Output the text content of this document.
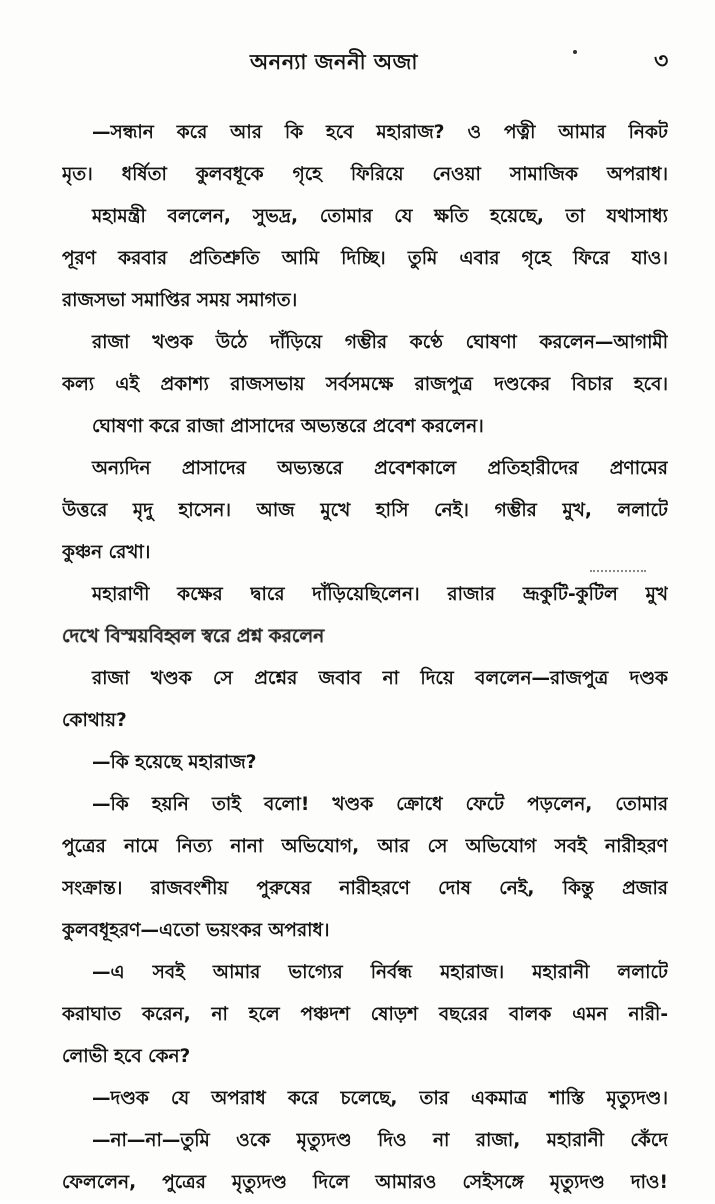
অনন্যা জননী অজা	৩
—সন্ধান করে আর কি হবে মহারাজ? ও পত্নী আমার নিকট
মৃত। ধর্ষিতা কুলবধূকে গৃহে ফিরিয়ে নেওয়া সামাজিক অপরাধ।
মহামন্ত্রী বললেন, সুভদ্র, তোমার যে ক্ষতি হয়েছে, তা যথাসাধ্য
পূরণ করবার প্রতিশ্রুতি আমি দিচ্ছি। তুমি এবার গৃহে ফিরে যাও।
রাজসভা সমাপ্তির সময় সমাগত।
রাজা খণ্ডক উঠে দাঁড়িয়ে গম্ভীর কণ্ঠে ঘোষণা করলেন—আগামী
কল্য এই প্রকাশ্য রাজসভায় সর্বসমক্ষে রাজপুত্র দণ্ডকের বিচার হবে।
ঘোষণা করে রাজা প্রাসাদের অভ্যন্তরে প্রবেশ করলেন।
অন্যদিন প্রাসাদের অভ্যন্তরে প্রবেশকালে প্রতিহারীদের প্রণামের
উত্তরে মৃদু হাসেন। আজ মুখে হাসি নেই। গম্ভীর মুখ, ললাটে
কুঞ্চন রেখা।
মহারাণী কক্ষের দ্বারে দাঁড়িয়েছিলেন। রাজার ভ্রূকুটি-কুটিল মুখ
দেখে বিস্ময়বিহ্বল স্বরে প্রশ্ন করলেন
রাজা খণ্ডক সে প্রশ্নের জবাব না দিয়ে বললেন—রাজপুত্র দণ্ডক
কোথায়?
—কি হয়েছে মহারাজ?
—কি হয়নি তাই বলো! খণ্ডক ক্রোধে ফেটে পড়লেন, তোমার
পুত্রের নামে নিত্য নানা অভিযোগ, আর সে অভিযোগ সবই নারীহরণ
সংক্রান্ত। রাজবংশীয় পুরুষের নারীহরণে দোষ নেই, কিন্তু প্রজার
কুলবধূহরণ—এতো ভয়ংকর অপরাধ।
—এ সবই আমার ভাগ্যের নির্বন্ধ মহারাজ। মহারানী ললাটে
করাঘাত করেন, না হলে পঞ্চদশ ষোড়শ বছরের বালক এমন নারী-
লোভী হবে কেন?
—দণ্ডক যে অপরাধ করে চলেছে, তার একমাত্র শাস্তি মৃত্যুদণ্ড।
—না—না—তুমি ওকে মৃত্যুদণ্ড দিও না রাজা, মহারানী কেঁদে
ফেললেন, পুত্রের মৃত্যুদণ্ড দিলে আমারও সেইসঙ্গে মৃত্যুদণ্ড দাও!
